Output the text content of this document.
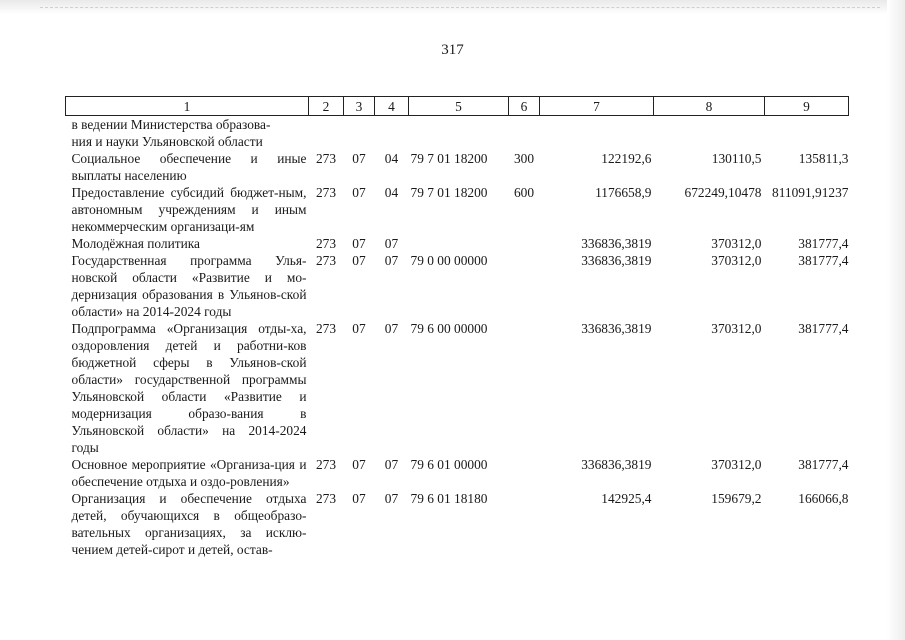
317
1	2	3	4	5	6	7	8	9
в ведении Министерства образова-
ния и науки Ульяновской области								
Социальное обеспечение и иные выплаты населению	273	07	04	79 7 01 18200	300	122192,6	130110,5	135811,3
Предоставление субсидий бюджет-ным, автономным учреждениям и иным некоммерческим организаци-ям	273	07	04	79 7 01 18200	600	1176658,9	672249,10478	811091,91237
Молодёжная политика	273	07	07			336836,3819	370312,0	381777,4
Государственная программа Улья-новской области «Развитие и мо-дернизация образования в Ульянов-ской области» на 2014-2024 годы	273	07	07	79 0 00 00000		336836,3819	370312,0	381777,4
Подпрограмма «Организация отды-ха, оздоровления детей и работни-ков бюджетной сферы в Ульянов-ской области» государственной программы Ульяновской области «Развитие и модернизация образо-вания в Ульяновской области» на 2014-2024 годы	273	07	07	79 6 00 00000		336836,3819	370312,0	381777,4
Основное мероприятие «Организа-ция и обеспечение отдыха и оздо-ровления»	273	07	07	79 6 01 00000		336836,3819	370312,0	381777,4
Организация и обеспечение отдыха детей, обучающихся в общеобразо-вательных организациях, за исклю-чением детей-сирот и детей, остав-	273	07	07	79 6 01 18180		142925,4	159679,2	166066,8
